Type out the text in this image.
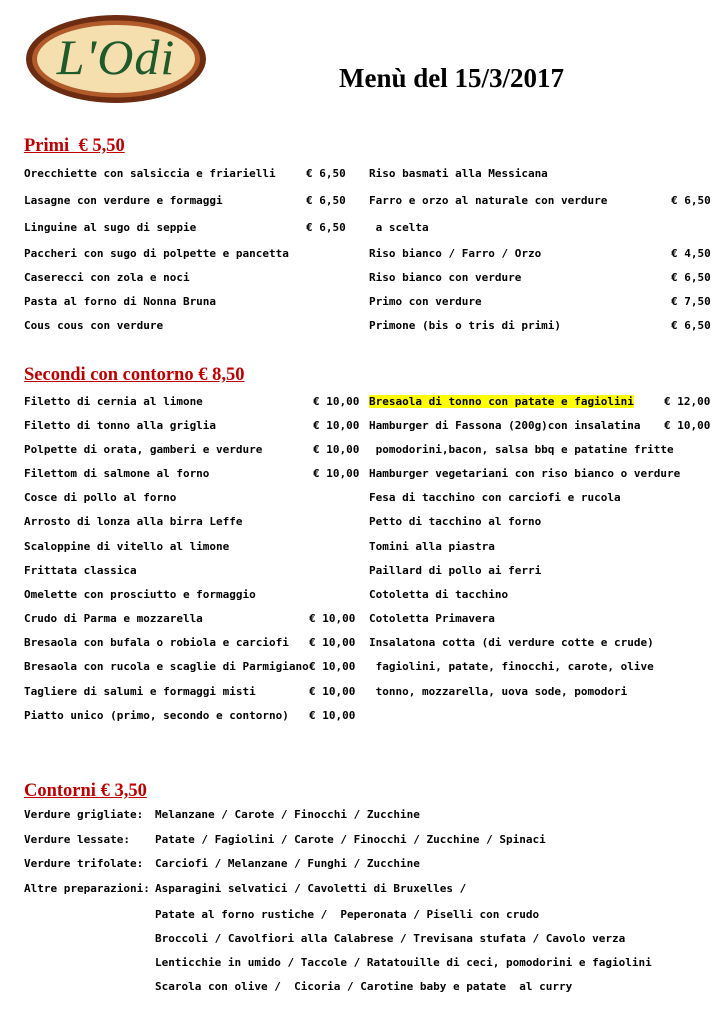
L'Odi	Menù del 15/3/2017
Primi  € 5,50
Secondi con contorno € 8,50
Contorni € 3,50
Orecchiette con salsiccia e friarielli	€ 6,50
Lasagne con verdure e formaggi	€ 6,50
Linguine al sugo di seppie	€ 6,50
Paccheri con sugo di polpette e pancetta
Caserecci con zola e noci
Pasta al forno di Nonna Bruna
Cous cous con verdure
Riso basmati alla Messicana
Farro e orzo al naturale con verdure	€ 6,50
a scelta
Riso bianco / Farro / Orzo	€ 4,50
Riso bianco con verdure	€ 6,50
Primo con verdure	€ 7,50
Primone (bis o tris di primi)	€ 6,50
Filetto di cernia al limone	€ 10,00
Filetto di tonno alla griglia	€ 10,00
Polpette di orata, gamberi e verdure	€ 10,00
Filettom di salmone al forno	€ 10,00
Cosce di pollo al forno
Arrosto di lonza alla birra Leffe
Scaloppine di vitello al limone
Frittata classica
Omelette con prosciutto e formaggio
Crudo di Parma e mozzarella	€ 10,00
Bresaola con bufala o robiola e carciofi € 10,00
Bresaola con rucola e scaglie di Parmigiano € 10,00
Tagliere di salumi e formaggi misti	€ 10,00
Piatto unico (primo, secondo e contorno) € 10,00
Bresaola di tonno con patate e fagiolini	€ 12,00
Hamburger di Fassona (200g)con insalatina € 10,00
pomodorini,bacon, salsa bbq e patatine fritte
Hamburger vegetariani con riso bianco o verdure
Fesa di tacchino con carciofi e rucola
Petto di tacchino al forno
Tomini alla piastra
Paillard di pollo ai ferri
Cotoletta di tacchino
Cotoletta Primavera
Insalatona cotta (di verdure cotte e crude)
fagiolini, patate, finocchi, carote, olive
tonno, mozzarella, uova sode, pomodori
Verdure grigliate: Melanzane / Carote / Finocchi / Zucchine
Verdure lessate: Patate / Fagiolini / Carote / Finocchi / Zucchine / Spinaci
Verdure trifolate: Carciofi / Melanzane / Funghi / Zucchine
Altre preparazioni: Asparagini selvatici / Cavoletti di Bruxelles /
Patate al forno rustiche /  Peperonata / Piselli con crudo
Broccoli / Cavolfiori alla Calabrese / Trevisana stufata / Cavolo verza
Lenticchie in umido / Taccole / Ratatouille di ceci, pomodorini e fagiolini
Scarola con olive /  Cicoria / Carotine baby e patate  al curry
